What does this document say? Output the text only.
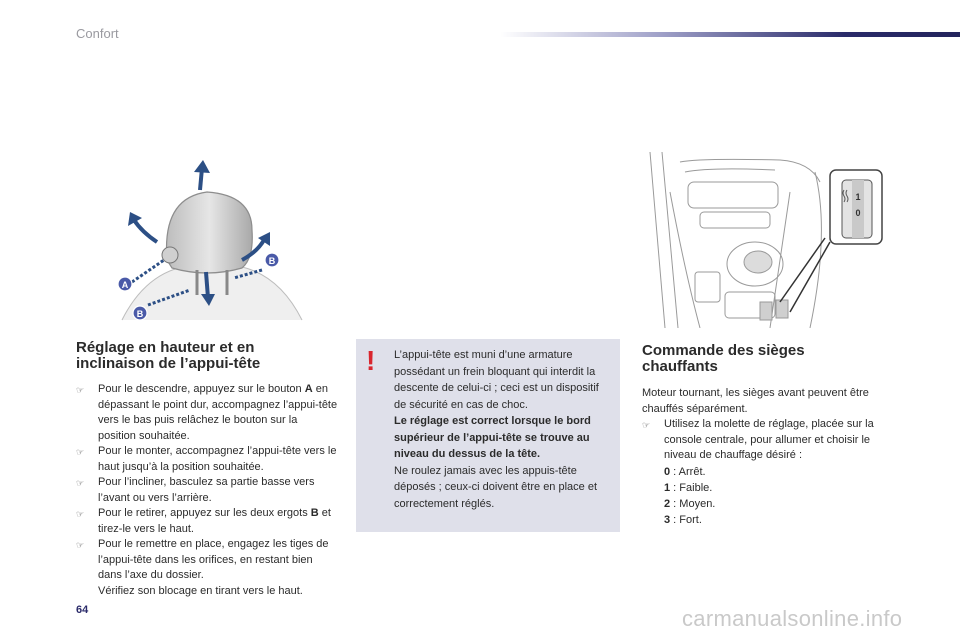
Confort
A
B
B
1
0
Réglage en hauteur et en
inclinaison de l’appui-tête
☞ Pour le descendre, appuyez sur le bouton A en dépassant le point dur, accompagnez l’appui-tête vers le bas puis relâchez le bouton sur la position souhaitée.
☞ Pour le monter, accompagnez l’appui-tête vers le haut jusqu’à la position souhaitée.
☞ Pour l’incliner, basculez sa partie basse vers l’avant ou vers l’arrière.
☞ Pour le retirer, appuyez sur les deux ergots B et tirez-le vers le haut.
☞ Pour le remettre en place, engagez les tiges de l’appui-tête dans les orifices, en restant bien dans l’axe du dossier.
Vérifiez son blocage en tirant vers le haut.
! L’appui-tête est muni d’une armature possédant un frein bloquant qui interdit la descente de celui-ci ; ceci est un dispositif de sécurité en cas de choc.

Le réglage est correct lorsque le bord supérieur de l’appui-tête se trouve au niveau du dessus de la tête.

Ne roulez jamais avec les appuis-tête déposés ; ceux-ci doivent être en place et correctement réglés.

Commande des sièges
chauffants

Moteur tournant, les sièges avant peuvent être chauffés séparément.

☞ Utilisez la molette de réglage, placée sur la console centrale, pour allumer et choisir le niveau de chauffage désiré :
0 : Arrêt.
1 : Faible.
2 : Moyen.
3 : Fort.
64	carmanualsonline.info
